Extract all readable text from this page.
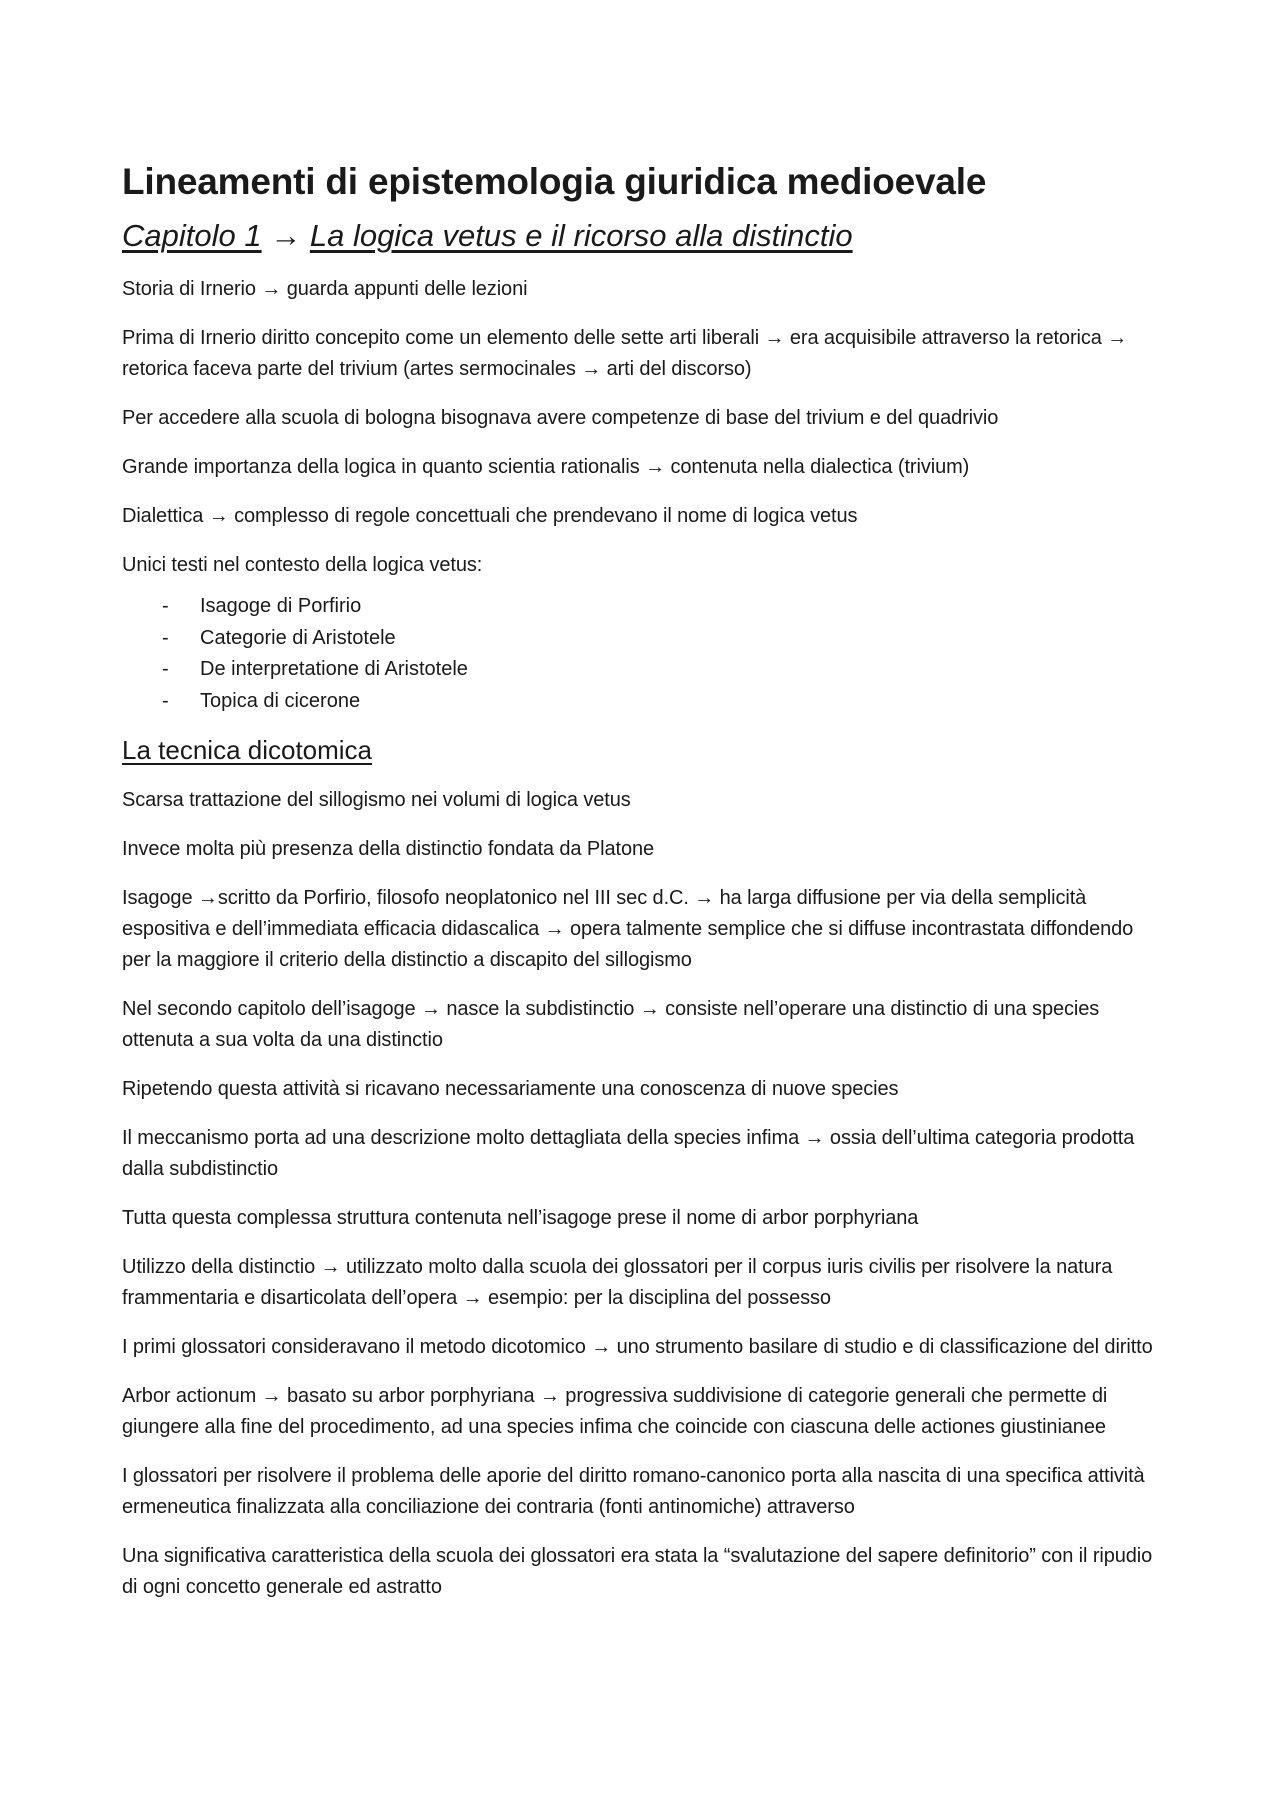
Lineamenti di epistemologia giuridica medioevale
Capitolo 1 → La logica vetus e il ricorso alla distinctio

Storia di Irnerio → guarda appunti delle lezioni

Prima di Irnerio diritto concepito come un elemento delle sette arti liberali → era acquisibile attraverso la retorica → retorica faceva parte del trivium (artes sermocinales → arti del discorso)

Per accedere alla scuola di bologna bisognava avere competenze di base del trivium e del quadrivio

Grande importanza della logica in quanto scientia rationalis → contenuta nella dialectica (trivium)

Dialettica → complesso di regole concettuali che prendevano il nome di logica vetus

Unici testi nel contesto della logica vetus:

- Isagoge di Porfirio
- Categorie di Aristotele
- De interpretatione di Aristotele
- Topica di cicerone
La tecnica dicotomica

Scarsa trattazione del sillogismo nei volumi di logica vetus

Invece molta più presenza della distinctio fondata da Platone

Isagoge →scritto da Porfirio, filosofo neoplatonico nel III sec d.C. → ha larga diffusione per via della semplicità espositiva e dell’immediata efficacia didascalica → opera talmente semplice che si diffuse incontrastata diffondendo per la maggiore il criterio della distinctio a discapito del sillogismo

Nel secondo capitolo dell’isagoge → nasce la subdistinctio → consiste nell’operare una distinctio di una species ottenuta a sua volta da una distinctio

Ripetendo questa attività si ricavano necessariamente una conoscenza di nuove species

Il meccanismo porta ad una descrizione molto dettagliata della species infima → ossia dell’ultima categoria prodotta dalla subdistinctio

Tutta questa complessa struttura contenuta nell’isagoge prese il nome di arbor porphyriana

Utilizzo della distinctio → utilizzato molto dalla scuola dei glossatori per il corpus iuris civilis per risolvere la natura frammentaria e disarticolata dell’opera → esempio: per la disciplina del possesso

I primi glossatori consideravano il metodo dicotomico → uno strumento basilare di studio e di classificazione del diritto

Arbor actionum → basato su arbor porphyriana → progressiva suddivisione di categorie generali che permette di giungere alla fine del procedimento, ad una species infima che coincide con ciascuna delle actiones giustinianee

I glossatori per risolvere il problema delle aporie del diritto romano-canonico porta alla nascita di una specifica attività ermeneutica finalizzata alla conciliazione dei contraria (fonti antinomiche) attraverso

Una significativa caratteristica della scuola dei glossatori era stata la “svalutazione del sapere definitorio” con il ripudio di ogni concetto generale ed astratto
